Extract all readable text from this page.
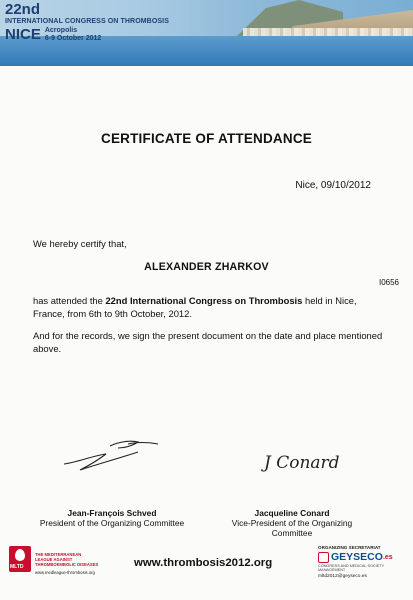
22nd
INTERNATIONAL CONGRESS ON THROMBOSIS
NICE Acropolis
6-9 October 2012
CERTIFICATE OF ATTENDANCE
Nice, 09/10/2012
We hereby certify that,
ALEXANDER ZHARKOV
I0656
has attended the 22nd International Congress on Thrombosis held in Nice, France, from 6th to 9th October, 2012.
And for the records, we sign the present document on the date and place mentioned above.
J Conard
Jean-François Schved
President of the Organizing Committee
Jacqueline Conard
Vice-President of the Organizing Committee
MLTD
THE MEDITERRANEAN LEAGUE AGAINST THROMBOEMBOLIC DISEASES
www.medleague-thrombosis.org
www.thrombosis2012.org
ORGANIZING SECRETARIAT
GEYSECO .es
CONGRESS AND MEDICAL SOCIETY MANAGEMENT
mltd2012@geyseco.es
